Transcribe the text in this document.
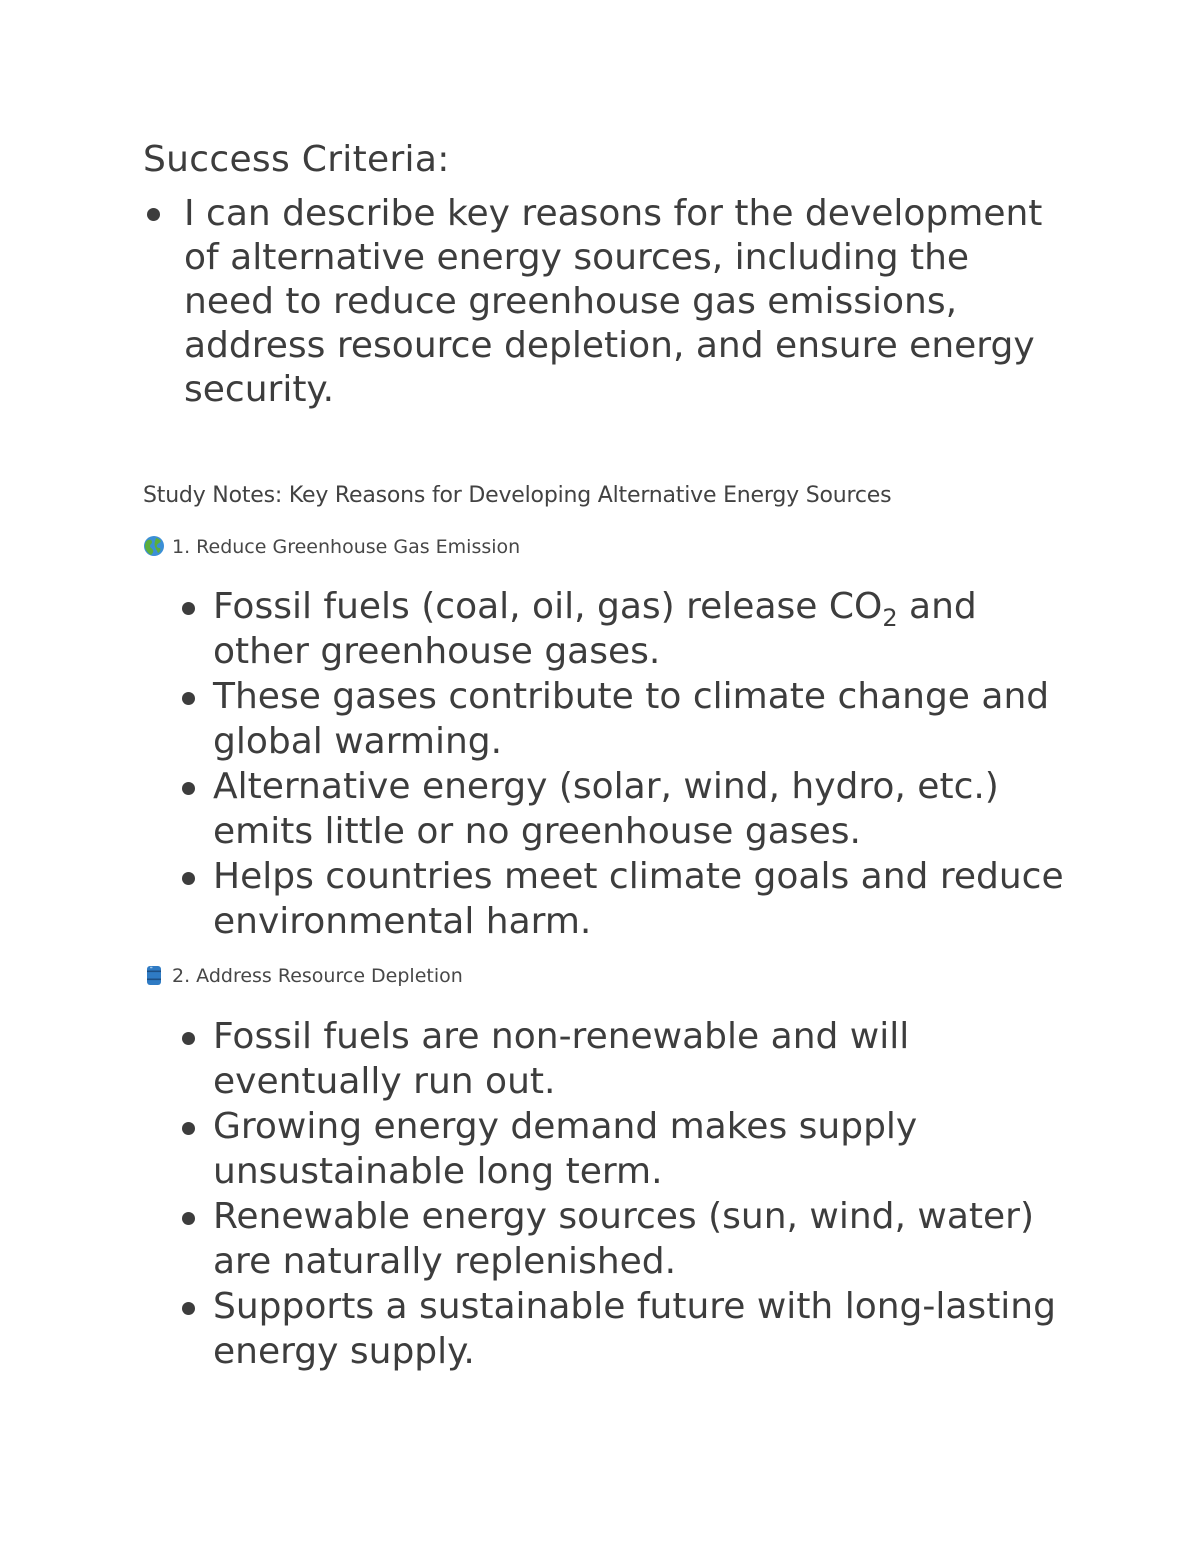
Success Criteria:
I can describe key reasons for the development of alternative energy sources, including the need to reduce greenhouse gas emissions, address resource depletion, and ensure energy security.
Study Notes: Key Reasons for Developing Alternative Energy Sources
1. Reduce Greenhouse Gas Emission
Fossil fuels (coal, oil, gas) release $CO_2$ and other greenhouse gases.
These gases contribute to climate change and global warming.
Alternative energy (solar, wind, hydro, etc.) emits little or no greenhouse gases.
Helps countries meet climate goals and reduce environmental harm.
2. Address Resource Depletion
Fossil fuels are non-renewable and will eventually run out.
Growing energy demand makes supply unsustainable long term.
Renewable energy sources (sun, wind, water) are naturally replenished.
Supports a sustainable future with long-lasting energy supply.
